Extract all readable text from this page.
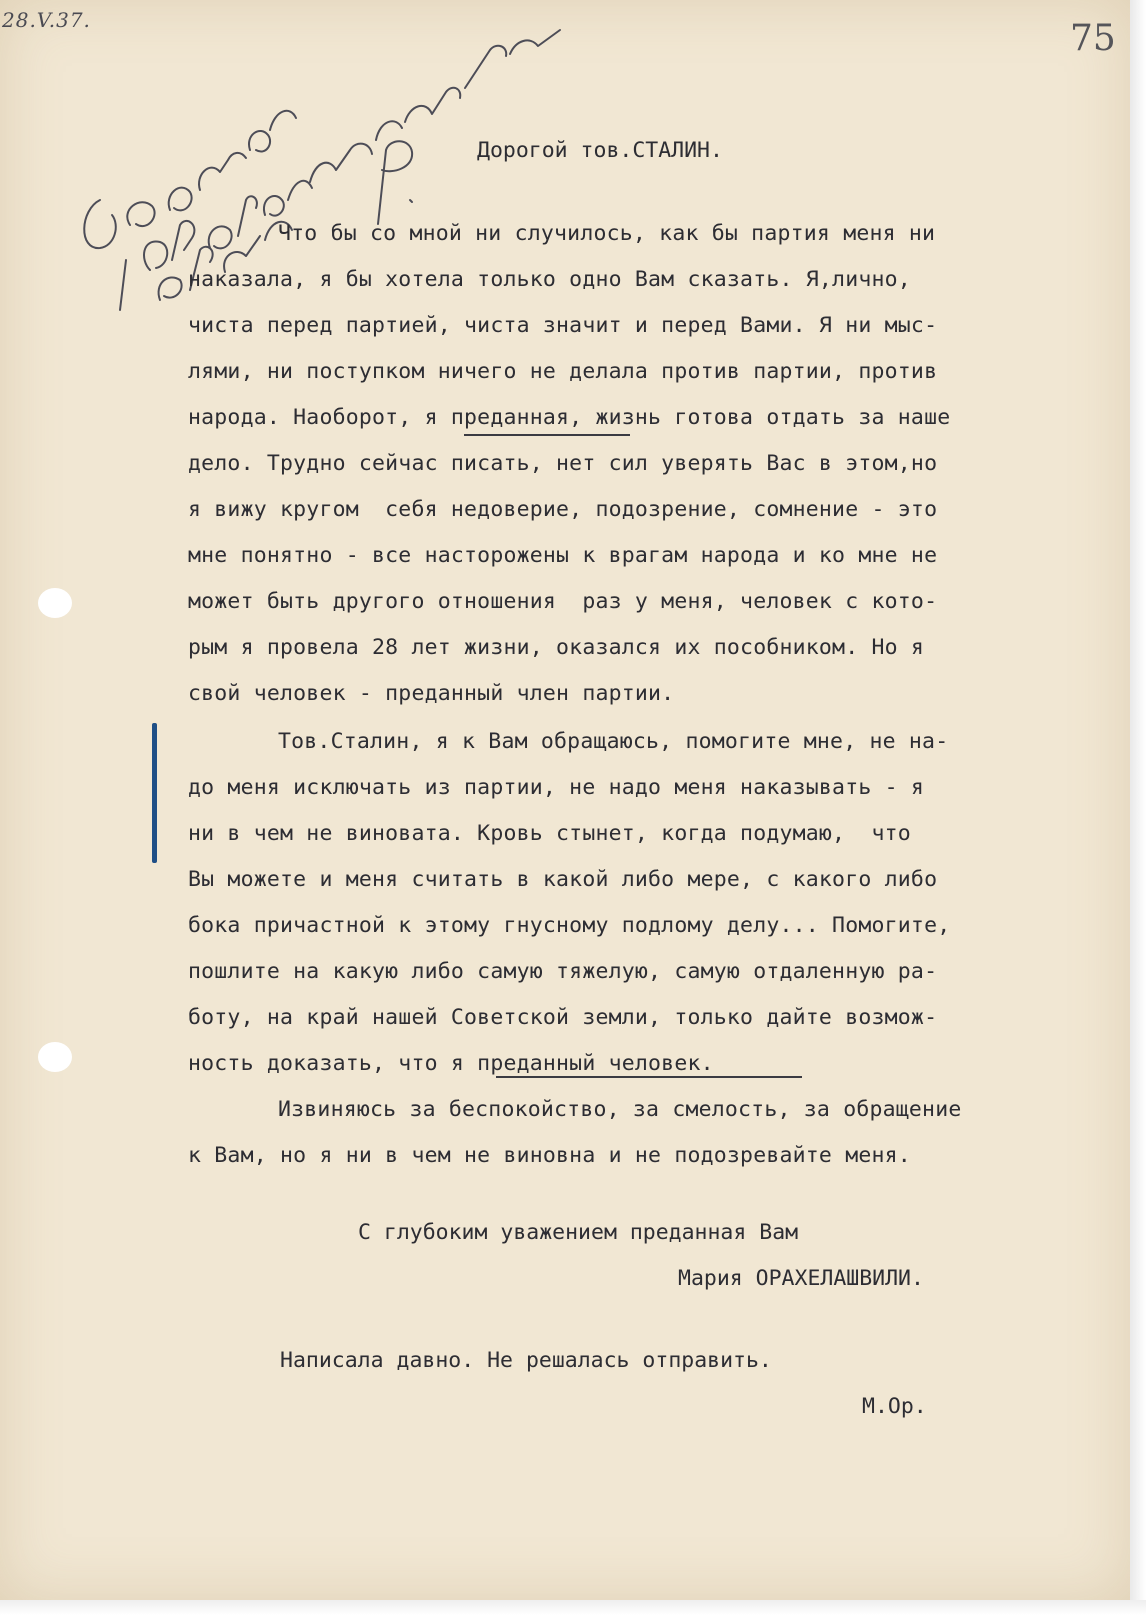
28.V.37.	75
Дорогой тов.СТАЛИН.
Что бы со мной ни случилось, как бы партия меня ни
наказала, я бы хотела только одно Вам сказать. Я,лично,
чиста перед партией, чиста значит и перед Вами. Я ни мыс-
лями, ни поступком ничего не делала против партии, против
народа. Наоборот, я преданная, жизнь готова отдать за наше
дело. Трудно сейчас писать, нет сил уверять Вас в этом,но
я вижу кругом  себя недоверие, подозрение, сомнение - это
мне понятно - все насторожены к врагам народа и ко мне не
может быть другого отношения  раз у меня, человек с кото-
рым я провела 28 лет жизни, оказался их пособником. Но я
свой человек - преданный член партии.
Тов.Сталин, я к Вам обращаюсь, помогите мне, не на-
до меня исключать из партии, не надо меня наказывать - я
ни в чем не виновата. Кровь стынет, когда подумаю,  что
Вы можете и меня считать в какой либо мере, с какого либо
бока причастной к этому гнусному подлому делу... Помогите,
пошлите на какую либо самую тяжелую, самую отдаленную ра-
боту, на край нашей Советской земли, только дайте возмож-
ность доказать, что я преданный человек.
Извиняюсь за беспокойство, за смелость, за обращение
к Вам, но я ни в чем не виновна и не подозревайте меня.
С глубоким уважением преданная Вам
Мария ОРАХЕЛАШВИЛИ.
Написала давно. Не решалась отправить.
М.Ор.
